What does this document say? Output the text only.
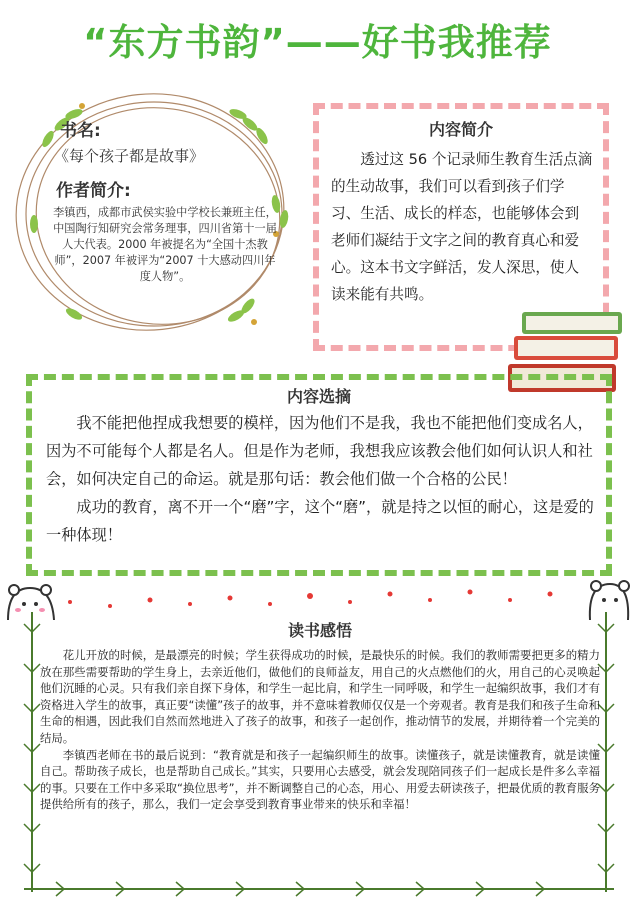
“东方书韵”——好书我推荐
书名:
《每个孩子都是故事》
作者简介:
李镇西，成都市武侯实验中学校长兼班主任，中国陶行知研究会常务理事，四川省第十一届人大代表。2000 年被提名为“全国十杰教师”，2007 年被评为“2007 十大感动四川年度人物”。
内容简介

透过这 56 个记录师生教育生活点滴的生动故事，我们可以看到孩子们学习、生活、成长的样态，也能够体会到老师们凝结于文字之间的教育真心和爱心。这本书文字鲜活，发人深思，使人读来能有共鸣。

内容选摘

我不能把他捏成我想要的模样，因为他们不是我，我也不能把他们变成名人，因为不可能每个人都是名人。但是作为老师，我想我应该教会他们如何认识人和社会，如何决定自己的命运。就是那句话：教会他们做一个合格的公民！

成功的教育，离不开一个“磨”字，这个“磨”，就是持之以恒的耐心，这是爱的一种体现！

读书感悟

花儿开放的时候，是最漂亮的时候；学生获得成功的时候，是最快乐的时候。我们的教师需要把更多的精力放在那些需要帮助的学生身上，去亲近他们，做他们的良师益友，用自己的火点燃他们的火，用自己的心灵唤起他们沉睡的心灵。只有我们亲自探下身体，和学生一起比肩，和学生一同呼吸，和学生一起编织故事，我们才有资格进入学生的故事，真正要“读懂”孩子的故事，并不意味着教师仅仅是一个旁观者。教育是我们和孩子生命和生命的相遇，因此我们自然而然地进入了孩子的故事，和孩子一起创作，推动情节的发展，并期待着一个完美的结局。

李镇西老师在书的最后说到：“教育就是和孩子一起编织师生的故事。读懂孩子，就是读懂教育，就是读懂自己。帮助孩子成长，也是帮助自己成长。”其实，只要用心去感受，就会发现陪同孩子们一起成长是件多么幸福的事。只要在工作中多采取“换位思考”，并不断调整自己的心态，用心、用爱去研读孩子，把最优质的教育服务提供给所有的孩子，那么，我们一定会享受到教育事业带来的快乐和幸福！
